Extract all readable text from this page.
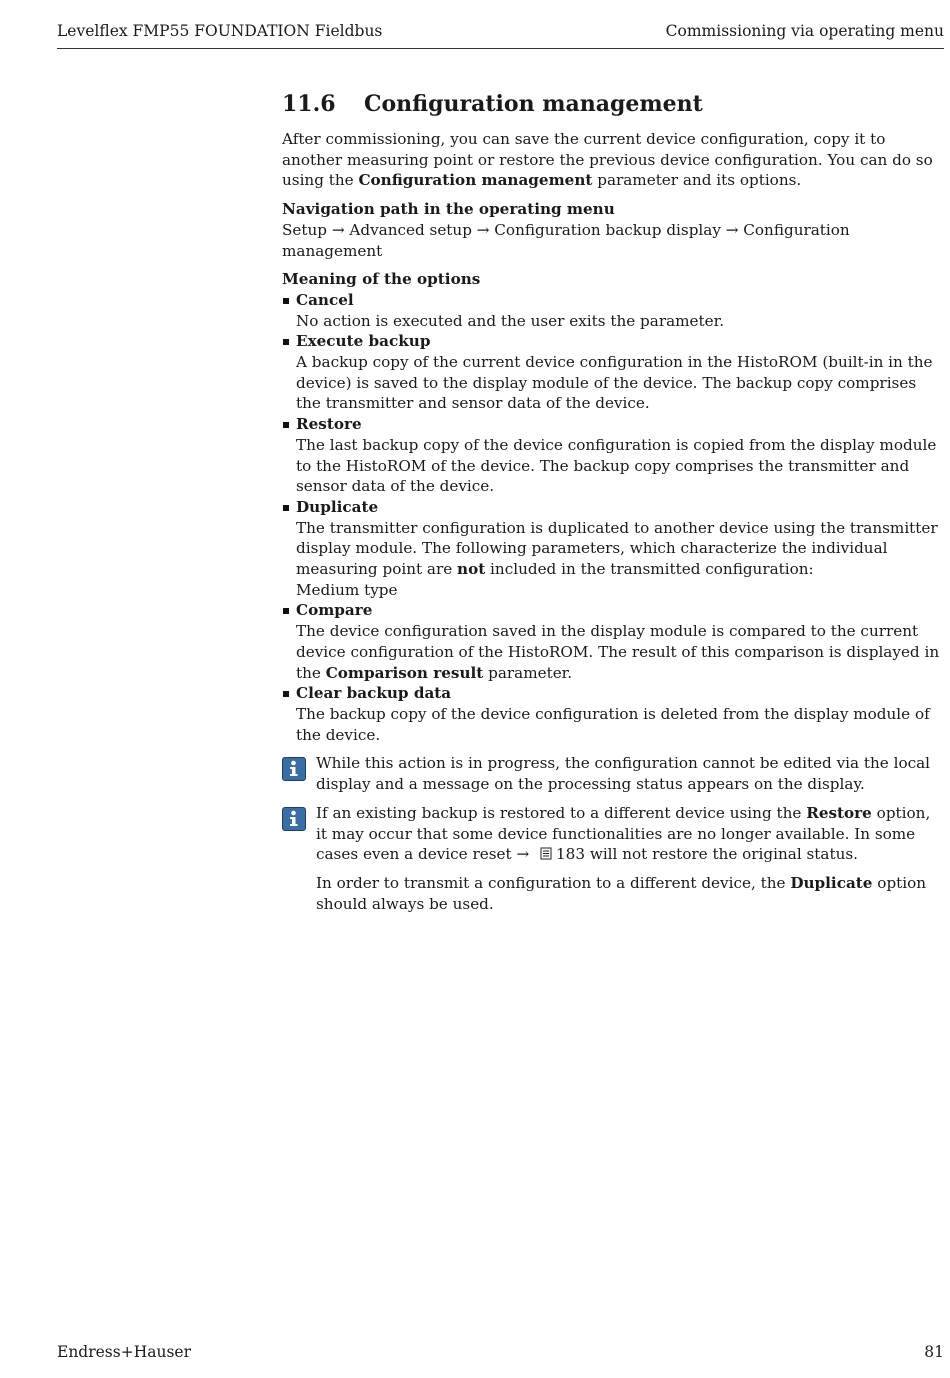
Levelflex FMP55 FOUNDATION Fieldbus	Commissioning via operating menu
11.6	Configuration management

After commissioning, you can save the current device configuration, copy it to another measuring point or restore the previous device configuration. You can do so using the Configuration management parameter and its options.

Navigation path in the operating menu

Setup → Advanced setup → Configuration backup display → Configuration management

Meaning of the options

Cancel
No action is executed and the user exits the parameter.
Execute backup
A backup copy of the current device configuration in the HistoROM (built-in in the device) is saved to the display module of the device. The backup copy comprises the transmitter and sensor data of the device.
Restore
The last backup copy of the device configuration is copied from the display module to the HistoROM of the device. The backup copy comprises the transmitter and sensor data of the device.
Duplicate
The transmitter configuration is duplicated to another device using the transmitter display module. The following parameters, which characterize the individual measuring point are not included in the transmitted configuration:
Medium type
Compare
The device configuration saved in the display module is compared to the current device configuration of the HistoROM. The result of this comparison is displayed in the Comparison result parameter.
Clear backup data
The backup copy of the device configuration is deleted from the display module of the device.

While this action is in progress, the configuration cannot be edited via the local display and a message on the processing status appears on the display.

If an existing backup is restored to a different device using the Restore option, it may occur that some device functionalities are no longer available. In some cases even a device reset → 183 will not restore the original status.

In order to transmit a configuration to a different device, the Duplicate option should always be used.

Endress+Hauser	81
